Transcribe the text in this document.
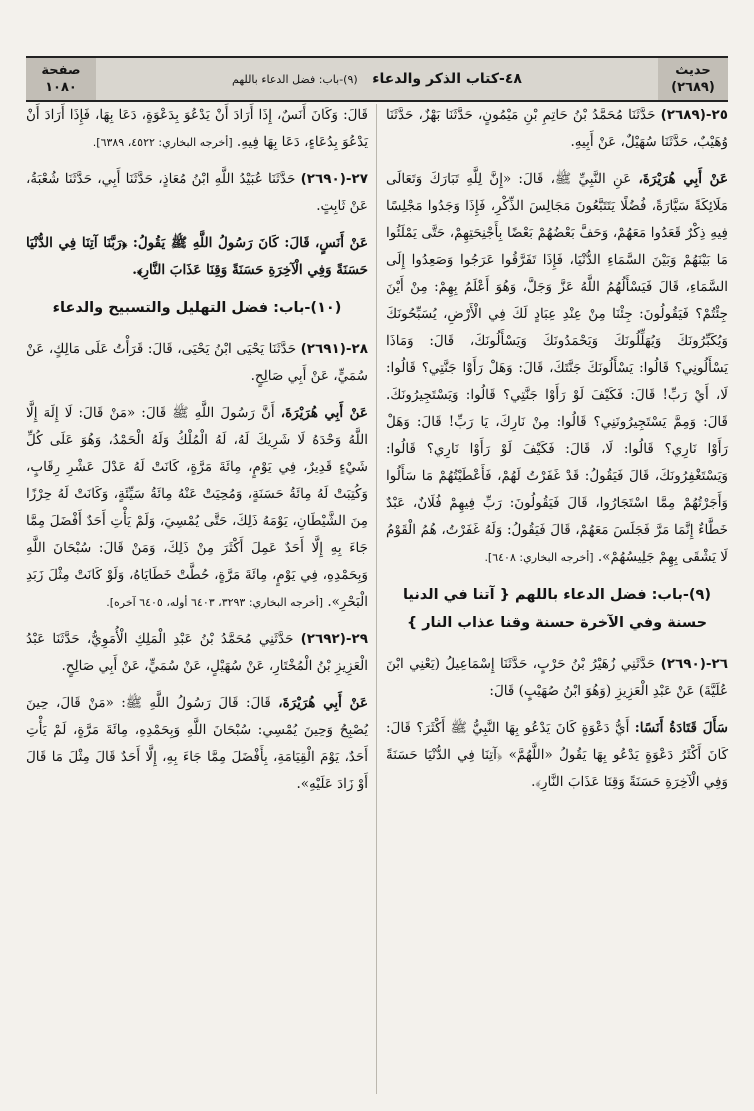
حديث
(٢٦٨٩)
٤٨-كتاب الذكر والدعاء   (٩)-باب: فضل الدعاء باللهم
صفحة
١٠٨٠

٢٥-(٢٦٨٩) حَدَّثَنَا مُحَمَّدُ بْنُ حَاتِمِ بْنِ مَيْمُونٍ، حَدَّثَنَا بَهْزٌ، حَدَّثَنَا وُهَيْبٌ، حَدَّثَنَا سُهَيْلٌ، عَنْ أَبِيهِ.

عَنْ أَبِي هُرَيْرَةَ، عَنِ النَّبِيِّ ﷺ، قَالَ: «إِنَّ لِلَّهِ تَبَارَكَ وَتَعَالَى مَلَائِكَةً سَيَّارَةً، فُضُلًا يَتَتَبَّعُونَ مَجَالِسَ الذِّكْرِ، فَإِذَا وَجَدُوا مَجْلِسًا فِيهِ ذِكْرٌ قَعَدُوا مَعَهُمْ، وَحَفَّ بَعْضُهُمْ بَعْضًا بِأَجْنِحَتِهِمْ، حَتَّى يَمْلَئُوا مَا بَيْنَهُمْ وَبَيْنَ السَّمَاءِ الدُّنْيَا، فَإِذَا تَفَرَّقُوا عَرَجُوا وَصَعِدُوا إِلَى السَّمَاءِ، قَالَ فَيَسْأَلُهُمُ اللَّهُ عَزَّ وَجَلَّ، وَهُوَ أَعْلَمُ بِهِمْ: مِنْ أَيْنَ جِئْتُمْ؟ فَيَقُولُونَ: جِئْنَا مِنْ عِنْدِ عِبَادٍ لَكَ فِي الْأَرْضِ، يُسَبِّحُونَكَ وَيُكَبِّرُونَكَ وَيُهَلِّلُونَكَ وَيَحْمَدُونَكَ وَيَسْأَلُونَكَ، قَالَ: وَمَاذَا يَسْأَلُونِي؟ قَالُوا: يَسْأَلُونَكَ جَنَّتَكَ، قَالَ: وَهَلْ رَأَوْا جَنَّتِي؟ قَالُوا: لَا، أَيْ رَبِّ! قَالَ: فَكَيْفَ لَوْ رَأَوْا جَنَّتِي؟ قَالُوا: وَيَسْتَجِيرُونَكَ. قَالَ: وَمِمَّ يَسْتَجِيرُونَنِي؟ قَالُوا: مِنْ نَارِكَ، يَا رَبِّ! قَالَ: وَهَلْ رَأَوْا نَارِي؟ قَالُوا: لَا، قَالَ: فَكَيْفَ لَوْ رَأَوْا نَارِي؟ قَالُوا: وَيَسْتَغْفِرُونَكَ، قَالَ فَيَقُولُ: قَدْ غَفَرْتُ لَهُمْ، فَأَعْطَيْتُهُمْ مَا سَأَلُوا وَأَجَرْتُهُمْ مِمَّا اسْتَجَارُوا، قَالَ فَيَقُولُونَ: رَبِّ فِيهِمْ فُلَانٌ، عَبْدٌ خَطَّاءٌ إِنَّمَا مَرَّ فَجَلَسَ مَعَهُمْ، قَالَ فَيَقُولُ: وَلَهُ غَفَرْتُ، هُمُ الْقَوْمُ لَا يَشْقَى بِهِمْ جَلِيسُهُمْ». [أخرجه البخاري: ٦٤٠٨].

(٩)-باب: فضل الدعاء باللهم { آتنا في الدنيا حسنة وفي الآخرة حسنة وقنا عذاب النار }

٢٦-(٢٦٩٠) حَدَّثَنِي زُهَيْرُ بْنُ حَرْبٍ، حَدَّثَنَا إِسْمَاعِيلُ (يَعْنِي ابْنَ عُلَيَّةَ) عَنْ عَبْدِ الْعَزِيزِ (وَهُوَ ابْنُ صُهَيْبٍ) قَالَ:

سَأَلَ قَتَادَةُ أَنَسًا: أَيُّ دَعْوَةٍ كَانَ يَدْعُو بِهَا النَّبِيُّ ﷺ أَكْثَرَ؟ قَالَ: كَانَ أَكْثَرُ دَعْوَةٍ يَدْعُو بِهَا يَقُولُ «اللَّهُمَّ» ﴿آتِنَا فِي الدُّنْيَا حَسَنَةً وَفِي الْآخِرَةِ حَسَنَةً وَقِنَا عَذَابَ النَّارِ﴾.

قَالَ: وَكَانَ أَنَسٌ، إِذَا أَرَادَ أَنْ يَدْعُوَ بِدَعْوَةٍ، دَعَا بِهَا، فَإِذَا أَرَادَ أَنْ يَدْعُوَ بِدُعَاءٍ، دَعَا بِهَا فِيهِ. [أخرجه البخاري: ٤٥٢٢، ٦٣٨٩].

٢٧-(٢٦٩٠) حَدَّثَنَا عُبَيْدُ اللَّهِ ابْنُ مُعَاذٍ، حَدَّثَنَا أَبِي، حَدَّثَنَا شُعْبَةُ، عَنْ ثَابِتٍ.

عَنْ أَنَسٍ، قَالَ: كَانَ رَسُولُ اللَّهِ ﷺ يَقُولُ: ﴿رَبَّنَا آتِنَا فِي الدُّنْيَا حَسَنَةً وَفِي الْآخِرَةِ حَسَنَةً وَقِنَا عَذَابَ النَّارِ﴾.

(١٠)-باب: فضل التهليل والتسبيح والدعاء

٢٨-(٢٦٩١) حَدَّثَنَا يَحْيَى ابْنُ يَحْيَى، قَالَ: قَرَأْتُ عَلَى مَالِكٍ، عَنْ سُمَيٍّ، عَنْ أَبِي صَالِحٍ.

عَنْ أَبِي هُرَيْرَةَ، أَنَّ رَسُولَ اللَّهِ ﷺ قَالَ: «مَنْ قَالَ: لَا إِلَهَ إِلَّا اللَّهُ وَحْدَهُ لَا شَرِيكَ لَهُ، لَهُ الْمُلْكُ وَلَهُ الْحَمْدُ، وَهُوَ عَلَى كُلِّ شَيْءٍ قَدِيرٌ، فِي يَوْمٍ، مِائَةَ مَرَّةٍ، كَانَتْ لَهُ عَدْلَ عَشْرِ رِقَابٍ، وَكُتِبَتْ لَهُ مِائَةُ حَسَنَةٍ، وَمُحِيَتْ عَنْهُ مِائَةُ سَيِّئَةٍ، وَكَانَتْ لَهُ حِرْزًا مِنَ الشَّيْطَانِ، يَوْمَهُ ذَلِكَ، حَتَّى يُمْسِيَ، وَلَمْ يَأْتِ أَحَدٌ أَفْضَلَ مِمَّا جَاءَ بِهِ إِلَّا أَحَدٌ عَمِلَ أَكْثَرَ مِنْ ذَلِكَ، وَمَنْ قَالَ: سُبْحَانَ اللَّهِ وَبِحَمْدِهِ، فِي يَوْمٍ، مِائَةَ مَرَّةٍ، حُطَّتْ خَطَايَاهُ، وَلَوْ كَانَتْ مِثْلَ زَبَدِ الْبَحْرِ». [أخرجه البخاري: ٣٢٩٣، ٦٤٠٣ أوله، ٦٤٠٥ آخره].

٢٩-(٢٦٩٢) حَدَّثَنِي مُحَمَّدُ بْنُ عَبْدِ الْمَلِكِ الْأُمَوِيُّ، حَدَّثَنَا عَبْدُ الْعَزِيزِ بْنُ الْمُخْتَارِ، عَنْ سُهَيْلٍ، عَنْ سُمَيٍّ، عَنْ أَبِي صَالِحٍ.

عَنْ أَبِي هُرَيْرَةَ، قَالَ: قَالَ رَسُولُ اللَّهِ ﷺ: «مَنْ قَالَ، حِينَ يُصْبِحُ وَحِينَ يُمْسِي: سُبْحَانَ اللَّهِ وَبِحَمْدِهِ، مِائَةَ مَرَّةٍ، لَمْ يَأْتِ أَحَدٌ، يَوْمَ الْقِيَامَةِ، بِأَفْضَلَ مِمَّا جَاءَ بِهِ، إِلَّا أَحَدٌ قَالَ مِثْلَ مَا قَالَ أَوْ زَادَ عَلَيْهِ».
